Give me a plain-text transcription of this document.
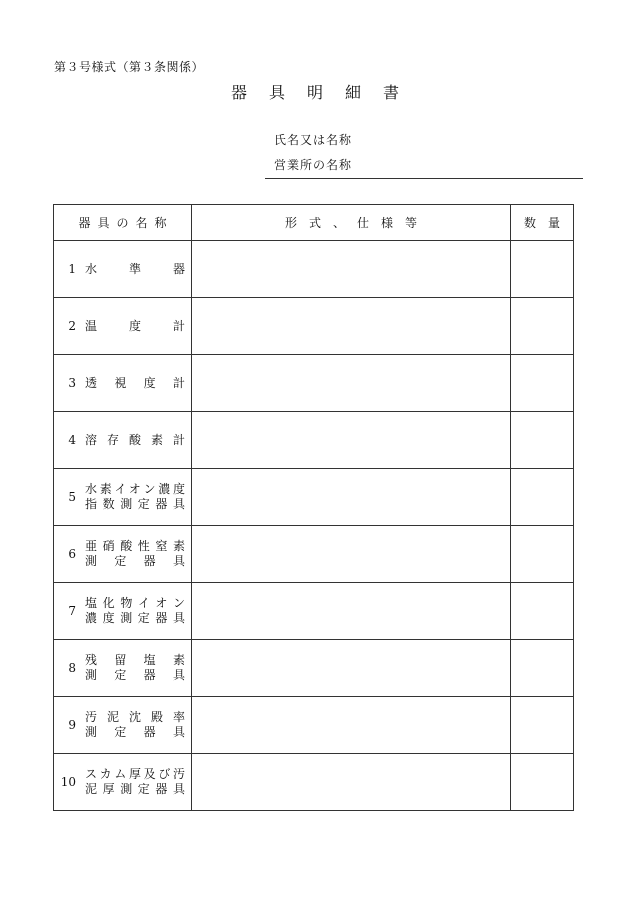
第３号様式（第３条関係）
器具明細書
氏名又は名称
営業所の名称
器具の名称	形式、仕様等	数量

1 水準器		

2 温度計		

3 透視度計		

4 溶存酸素計		

5
水素イオン濃度
指数測定器具		

6
亜硝酸性窒素
測定器具		

7
塩化物イオン
濃度測定器具		

8
残留塩素
測定器具		

9
汚泥沈殿率
測定器具		

10
スカム厚及び汚
泥厚測定器具		
